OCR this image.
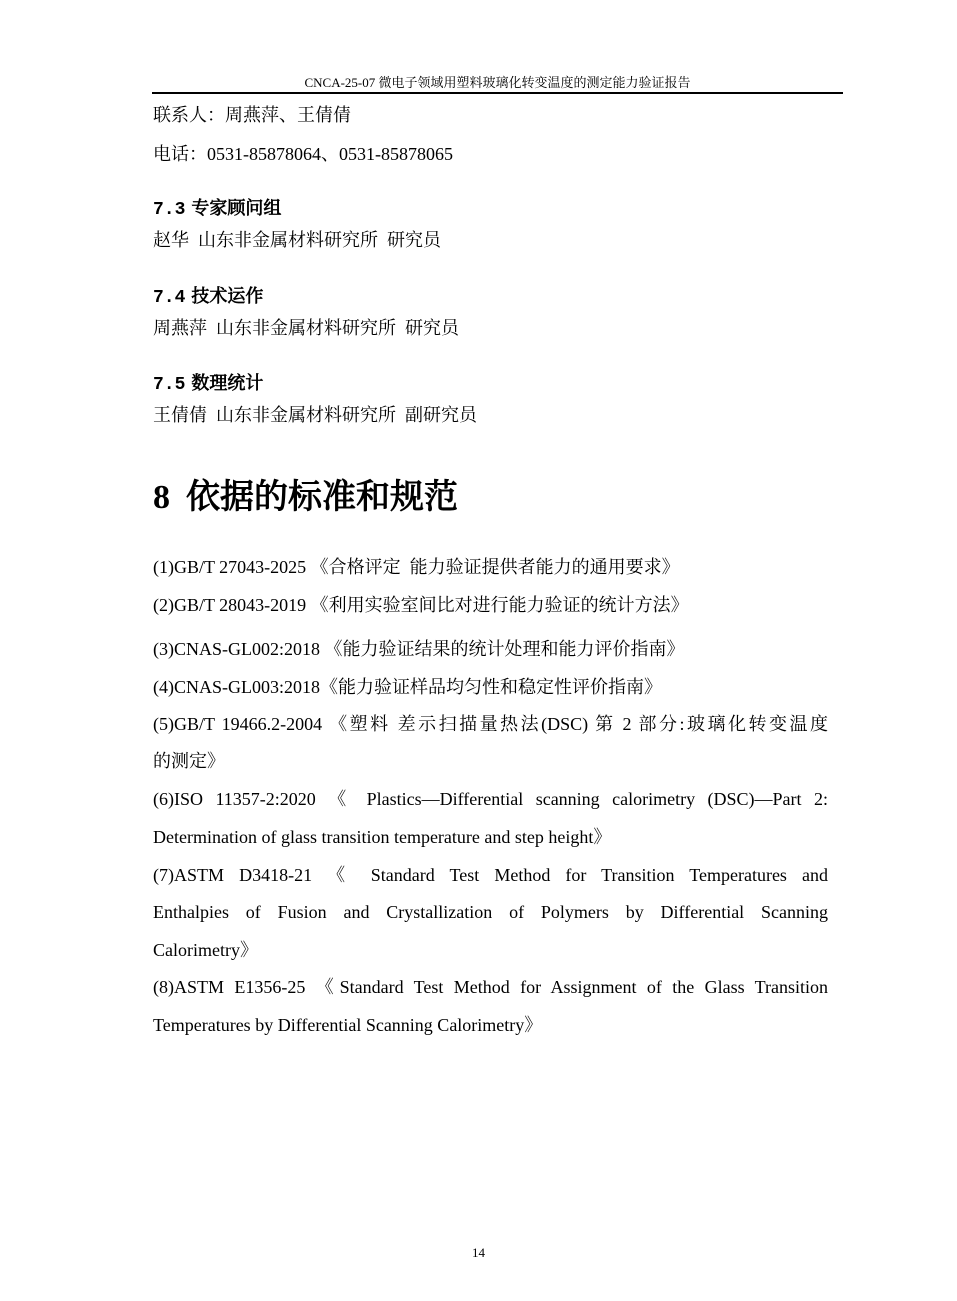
CNCA-25-07 微电子领域用塑料玻璃化转变温度的测定能力验证报告
联系人：周燕萍、王倩倩
电话：0531-85878064、0531-85878065
7.3 专家顾问组
赵华  山东非金属材料研究所  研究员
7.4 技术运作
周燕萍  山东非金属材料研究所  研究员
7.5 数理统计
王倩倩  山东非金属材料研究所  副研究员
8 依据的标准和规范
(1)GB/T 27043-2025 《合格评定  能力验证提供者能力的通用要求》
(2)GB/T 28043-2019 《利用实验室间比对进行能力验证的统计方法》
(3)CNAS-GL002:2018 《能力验证结果的统计处理和能力评价指南》
(4)CNAS-GL003:2018《能力验证样品均匀性和稳定性评价指南》
(5)GB/T 19466.2-2004 《塑料 差示扫描量热法(DSC) 第 2 部分:玻璃化转变温度
的测定》
(6)ISO 11357-2:2020 《 Plastics—Differential scanning calorimetry (DSC)—Part 2:
Determination of glass transition temperature and step height》
(7)ASTM D3418-21 《 Standard Test Method for Transition Temperatures and
Enthalpies of Fusion and Crystallization of Polymers by Differential Scanning
Calorimetry》
(8)ASTM E1356-25 《Standard Test Method for Assignment of the Glass Transition
Temperatures by Differential Scanning Calorimetry》
14
